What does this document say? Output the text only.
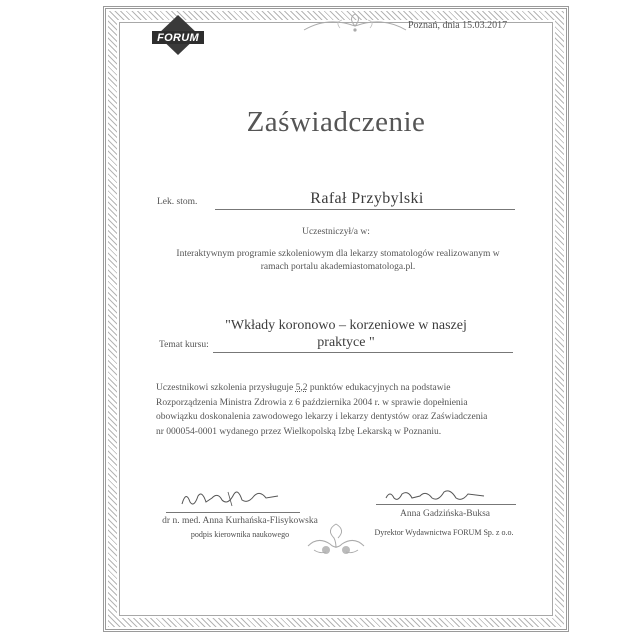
FORUM
Poznań, dnia 15.03.2017
Zaświadczenie
Lek. stom.	Rafał Przybylski
Uczestniczył/a w:
Interaktywnym programie szkoleniowym dla lekarzy stomatologów realizowanym w
ramach portalu akademiastomatologa.pl.
Temat kursu:
"Wkłady koronowo – korzeniowe w naszej
praktyce "
Uczestnikowi szkolenia przysługuje 5,2 punktów edukacyjnych na podstawie
Rozporządzenia Ministra Zdrowia z 6 października 2004 r. w sprawie dopełnienia
obowiązku doskonalenia zawodowego lekarzy i lekarzy dentystów oraz Zaświadczenia
nr 000054-0001 wydanego przez Wielkopolską Izbę Lekarską w Poznaniu.
dr n. med. Anna Kurhańska-Flisykowska
podpis kierownika naukowego
Anna Gadzińska-Buksa
Dyrektor Wydawnictwa FORUM Sp. z o.o.
